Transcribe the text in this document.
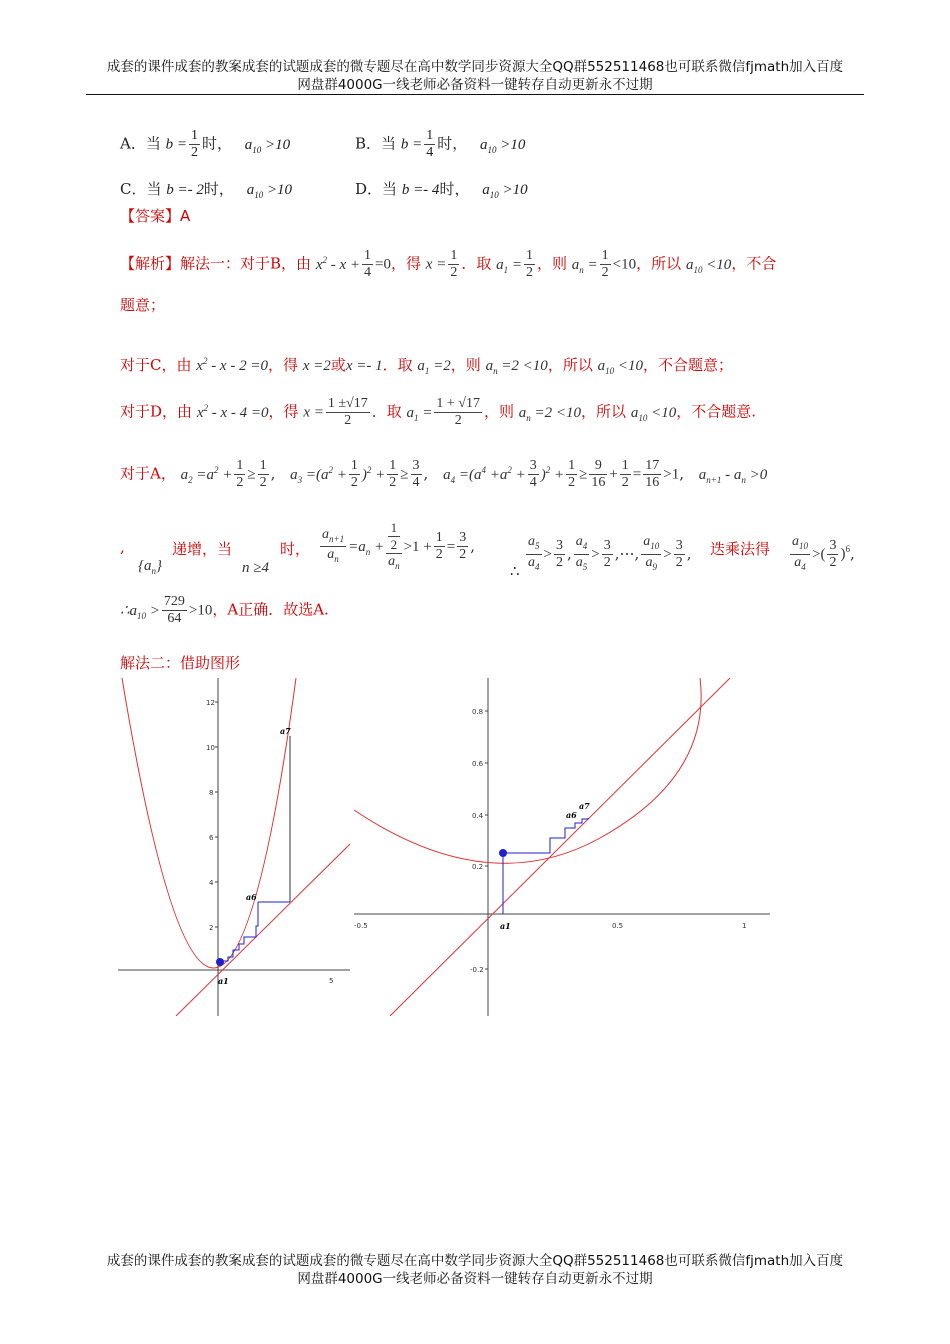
成套的课件成套的教案成套的试题成套的微专题尽在高中数学同步资源大全QQ群552511468也可联系微信fjmath加入百度
网盘群4000G一线老师必备资料一键转存自动更新永不过期
A．当 $b = \frac{1}{2}$ 时， $a_{10} >10$	B．当 $b = \frac{1}{4}$ 时， $a_{10} >10$
C．当 b =- 2时， $a_{10} >10$	D．当 b =- 4时， $a_{10} >10$
【答案】A
【解析】解法一：对于B，由 $x^2 - x + \frac{1}{4} =0$，得 $x = \frac{1}{2}$ ．取 $a_1 = \frac{1}{2}$ ，则 $a_n = \frac{1}{2} <10$，所以 $a_{10} <10$，不合
题意；
对于C，由 $x^2 - x - 2 =0$，得 x =2或x =- 1．取 $a_1 =2$，则 $a_n =2 <10$，所以 $a_{10} <10$，不合题意；
对于D，由 $x^2 - x - 4 =0$，得 $x = \frac{1 \pm√17}{2}$ ．取 $a_1 = \frac{1 + √17}{2}$ ，则 $a_n =2 <10$，所以 $a_{10} <10$，不合题意.
对于A， $a_2 =a^2 + \frac{1}{2} \ge \frac{1}{2}$ , $a_3 =(a^2 + \frac{1}{2} )^2 + \frac{1}{2} \ge \frac{3}{4}$ , $a_4 =(a^4 +a^2 + \frac{3}{4} )^2 + \frac{1}{2} \ge \frac{9}{16} + \frac{1}{2} = \frac{17}{16} >1$, $a_{n+1} - a_n >0$
,
$\{a_n\}$
递增，当
n ≥4
时， $\frac{a_{n+1}}{a_n} =a_n + 1$
2
$a_n >1 + \frac{1}{2} = \frac{3}{2}$ ,
∴ $\frac{a_5}{a_4} > \frac{3}{2}$ , $\frac{a_4}{a_5} > \frac{3}{2}$ ,⋯, $\frac{a_{10}}{a_9} > \frac{3}{2}$ , 迭乘法得 $\frac{a_{10}}{a_4}$ >( $\frac{3}{2} )^6$,
$\therefore a_{10} > \frac{729}{64} >10$，A正确．故选A.
解法二：借助图形
12
10
8
6
4
2
5
a1
a6
a7
0.8
0.6
0.4
0.2
-0.2
-0.5	0.5	1
a1
a6
a7
成套的课件成套的教案成套的试题成套的微专题尽在高中数学同步资源大全QQ群552511468也可联系微信fjmath加入百度
网盘群4000G一线老师必备资料一键转存自动更新永不过期
